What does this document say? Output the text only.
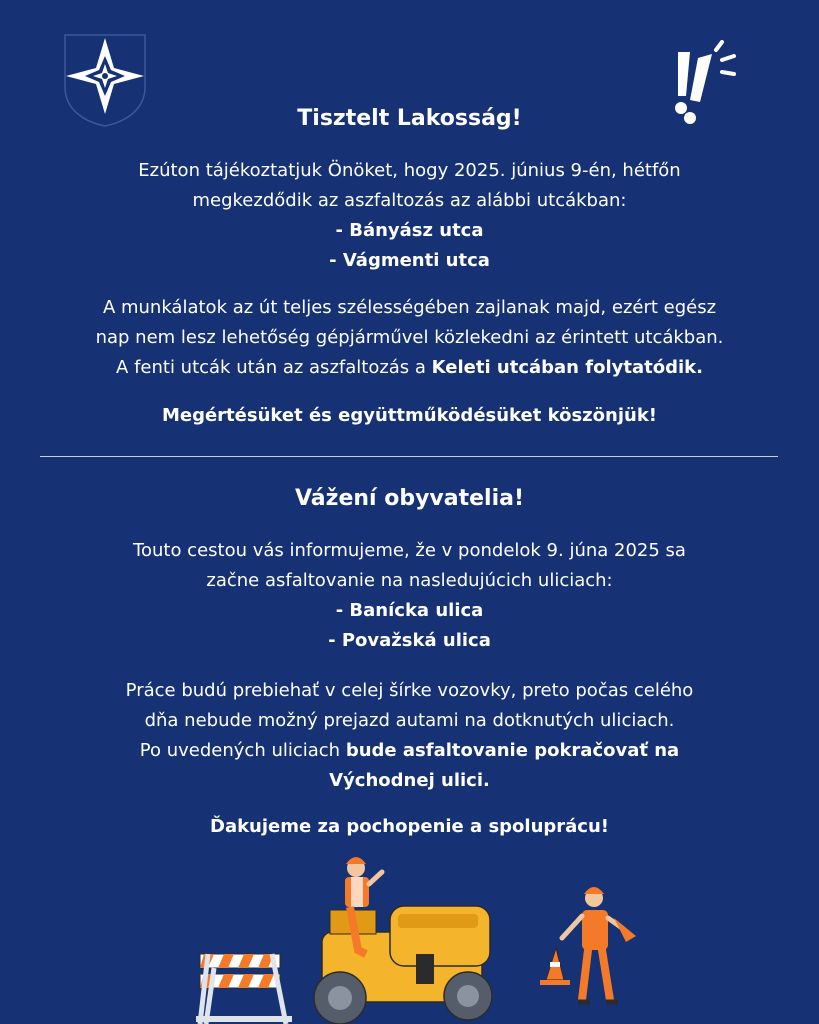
Tisztelt Lakosság!
Ezúton tájékoztatjuk Önöket, hogy 2025. június 9-én, hétfőn
megkezdődik az aszfaltozás az alábbi utcákban:
- Bányász utca
- Vágmenti utca
A munkálatok az út teljes szélességében zajlanak majd, ezért egész
nap nem lesz lehetőség gépjárművel közlekedni az érintett utcákban.
A fenti utcák után az aszfaltozás a Keleti utcában folytatódik.
Megértésüket és együttműködésüket köszönjük!
Vážení obyvatelia!
Touto cestou vás informujeme, že v pondelok 9. júna 2025 sa
začne asfaltovanie na nasledujúcich uliciach:
- Banícka ulica
- Považská ulica
Práce budú prebiehať v celej šírke vozovky, preto počas celého
dňa nebude možný prejazd autami na dotknutých uliciach.
Po uvedených uliciach bude asfaltovanie pokračovať na
Východnej ulici.
Ďakujeme za pochopenie a spoluprácu!
